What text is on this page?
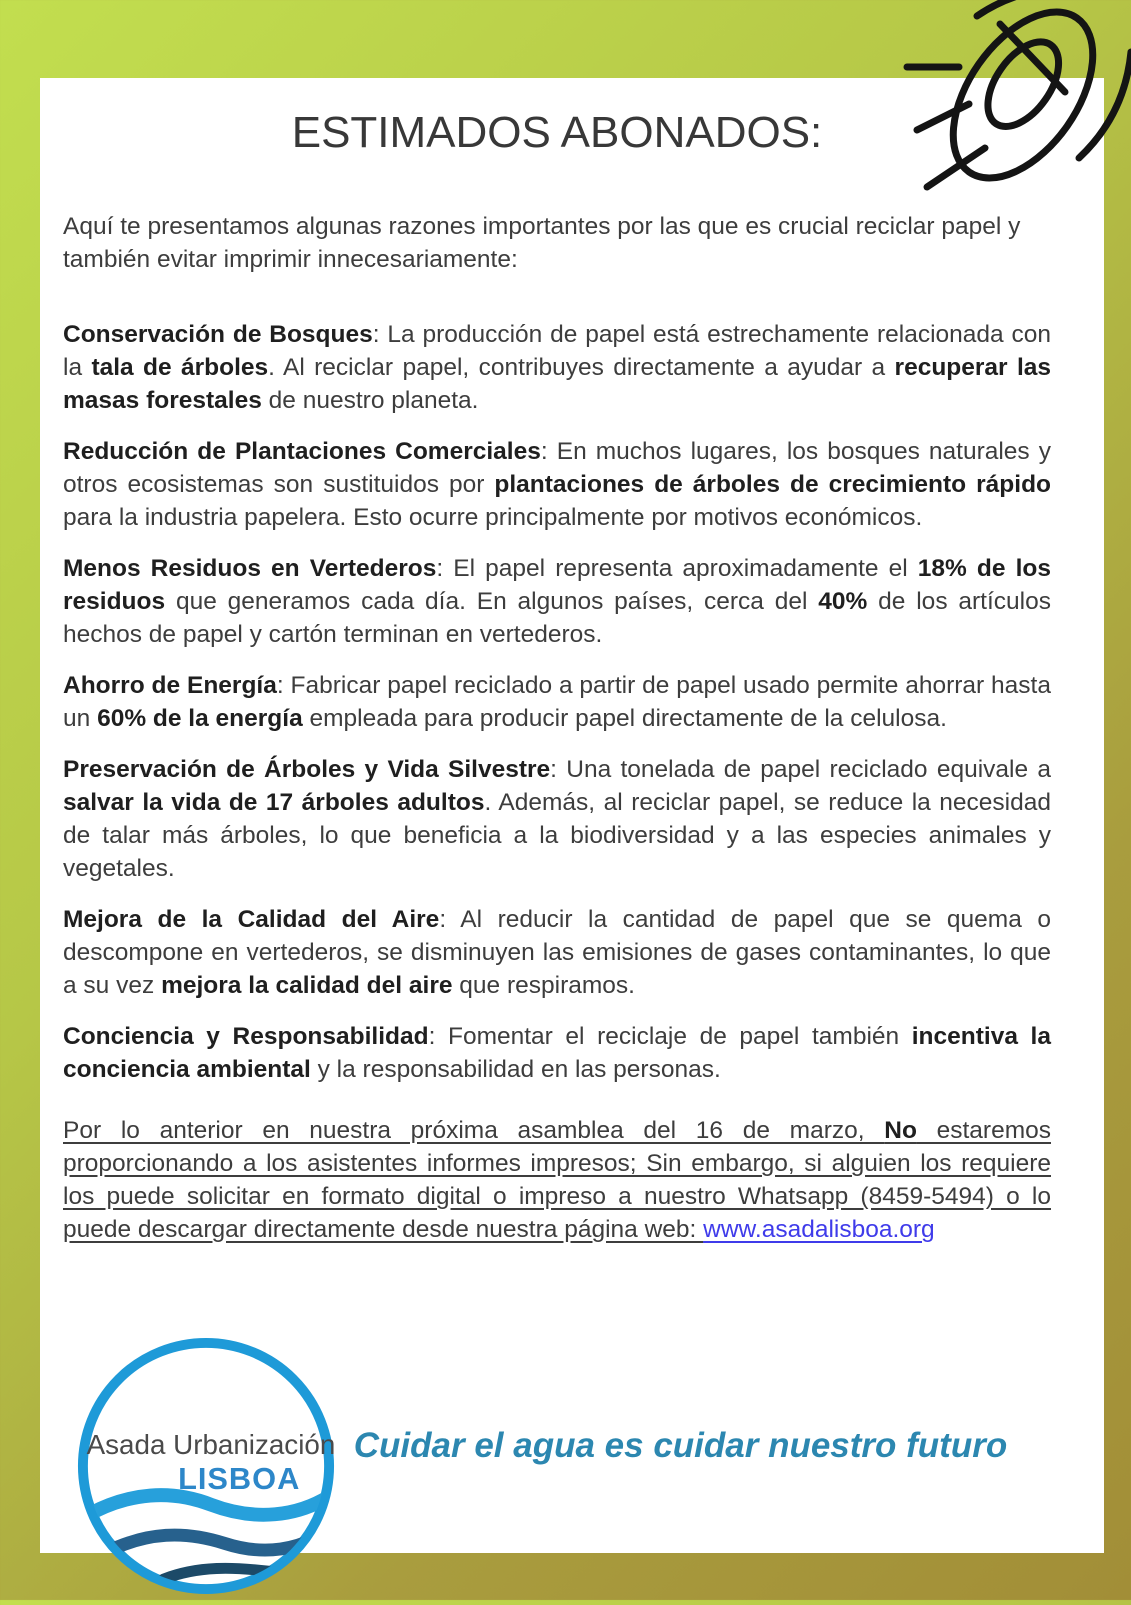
ESTIMADOS ABONADOS:

Aquí te presentamos algunas razones importantes por las que es crucial reciclar papel y también evitar imprimir innecesariamente:

Conservación de Bosques: La producción de papel está estrechamente relacionada con la tala de árboles. Al reciclar papel, contribuyes directamente a ayudar a recuperar las masas forestales de nuestro planeta.

Reducción de Plantaciones Comerciales: En muchos lugares, los bosques naturales y otros ecosistemas son sustituidos por plantaciones de árboles de crecimiento rápido para la industria papelera. Esto ocurre principalmente por motivos económicos.

Menos Residuos en Vertederos: El papel representa aproximadamente el 18% de los residuos que generamos cada día. En algunos países, cerca del 40% de los artículos hechos de papel y cartón terminan en vertederos.

Ahorro de Energía: Fabricar papel reciclado a partir de papel usado permite ahorrar hasta un 60% de la energía empleada para producir papel directamente de la celulosa.

Preservación de Árboles y Vida Silvestre: Una tonelada de papel reciclado equivale a salvar la vida de 17 árboles adultos. Además, al reciclar papel, se reduce la necesidad de talar más árboles, lo que beneficia a la biodiversidad y a las especies animales y vegetales.

Mejora de la Calidad del Aire: Al reducir la cantidad de papel que se quema o descompone en vertederos, se disminuyen las emisiones de gases contaminantes, lo que a su vez mejora la calidad del aire que respiramos.

Conciencia y Responsabilidad: Fomentar el reciclaje de papel también incentiva la conciencia ambiental y la responsabilidad en las personas.

Por lo anterior en nuestra próxima asamblea del 16 de marzo, No estaremos proporcionando a los asistentes informes impresos; Sin embargo, si alguien los requiere los puede solicitar en formato digital o impreso a nuestro Whatsapp (8459-5494) o lo puede descargar directamente desde nuestra página web: www.asadalisboa.org

Asada Urbanización
LISBOA
Cuidar el agua es cuidar nuestro futuro
